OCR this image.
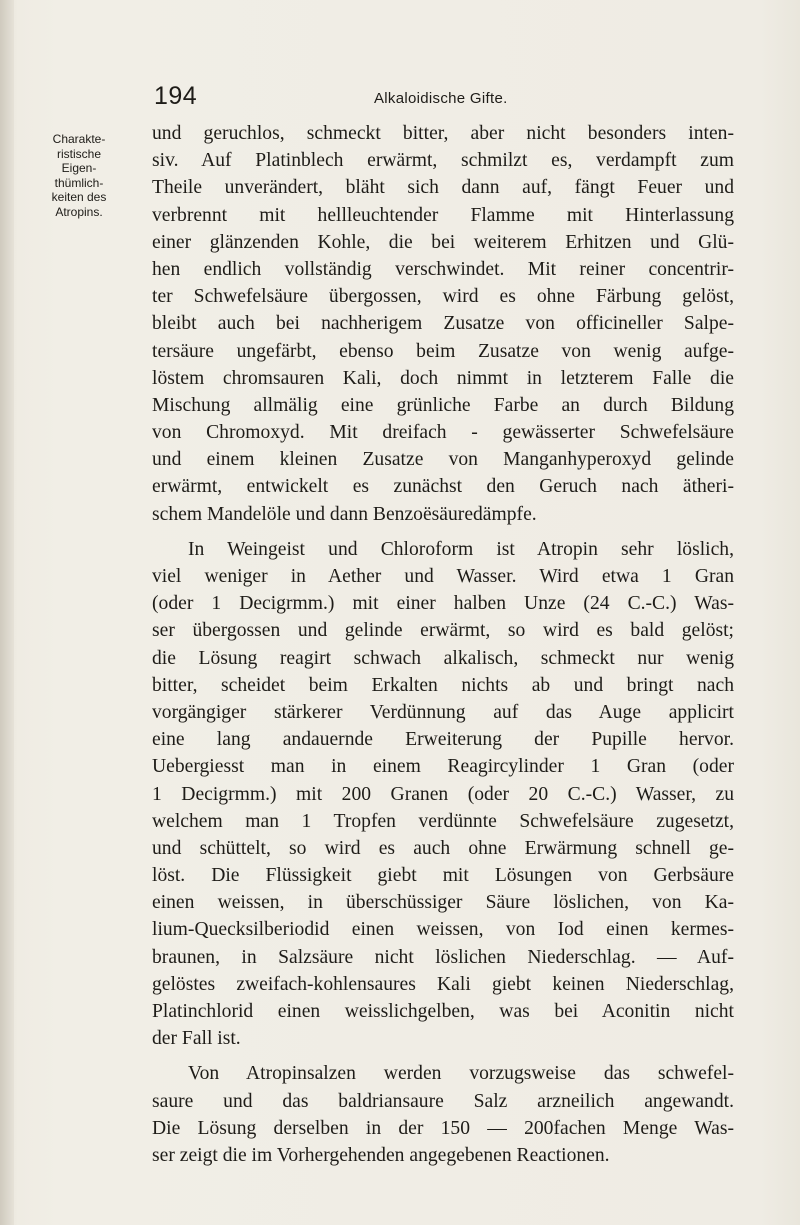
194	Alkaloidische Gifte.
Charakte-
ristische
Eigen-
thümlich-
keiten des
Atropins.
und geruchlos, schmeckt bitter, aber nicht besonders inten-
siv. Auf Platinblech erwärmt, schmilzt es, verdampft zum
Theile unverändert, bläht sich dann auf, fängt Feuer und
verbrennt mit hellleuchtender Flamme mit Hinterlassung
einer glänzenden Kohle, die bei weiterem Erhitzen und Glü-
hen endlich vollständig verschwindet. Mit reiner concentrir-
ter Schwefelsäure übergossen, wird es ohne Färbung gelöst,
bleibt auch bei nachherigem Zusatze von officineller Salpe-
tersäure ungefärbt, ebenso beim Zusatze von wenig aufge-
löstem chromsauren Kali, doch nimmt in letzterem Falle die
Mischung allmälig eine grünliche Farbe an durch Bildung
von Chromoxyd. Mit dreifach - gewässerter Schwefelsäure
und einem kleinen Zusatze von Manganhyperoxyd gelinde
erwärmt, entwickelt es zunächst den Geruch nach ätheri-
schem Mandelöle und dann Benzoësäuredämpfe.
In Weingeist und Chloroform ist Atropin sehr löslich,
viel weniger in Aether und Wasser. Wird etwa 1 Gran
(oder 1 Decigrmm.) mit einer halben Unze (24 C.-C.) Was-
ser übergossen und gelinde erwärmt, so wird es bald gelöst;
die Lösung reagirt schwach alkalisch, schmeckt nur wenig
bitter, scheidet beim Erkalten nichts ab und bringt nach
vorgängiger stärkerer Verdünnung auf das Auge applicirt
eine lang andauernde Erweiterung der Pupille hervor.
Uebergiesst man in einem Reagircylinder 1 Gran (oder
1 Decigrmm.) mit 200 Granen (oder 20 C.-C.) Wasser, zu
welchem man 1 Tropfen verdünnte Schwefelsäure zugesetzt,
und schüttelt, so wird es auch ohne Erwärmung schnell ge-
löst. Die Flüssigkeit giebt mit Lösungen von Gerbsäure
einen weissen, in überschüssiger Säure löslichen, von Ka-
lium-Quecksilberiodid einen weissen, von Iod einen kermes-
braunen, in Salzsäure nicht löslichen Niederschlag. — Auf-
gelöstes zweifach-kohlensaures Kali giebt keinen Niederschlag,
Platinchlorid einen weisslichgelben, was bei Aconitin nicht
der Fall ist.
Von Atropinsalzen werden vorzugsweise das schwefel-
saure und das baldriansaure Salz arzneilich angewandt.
Die Lösung derselben in der 150 — 200fachen Menge Was-
ser zeigt die im Vorhergehenden angegebenen Reactionen.
